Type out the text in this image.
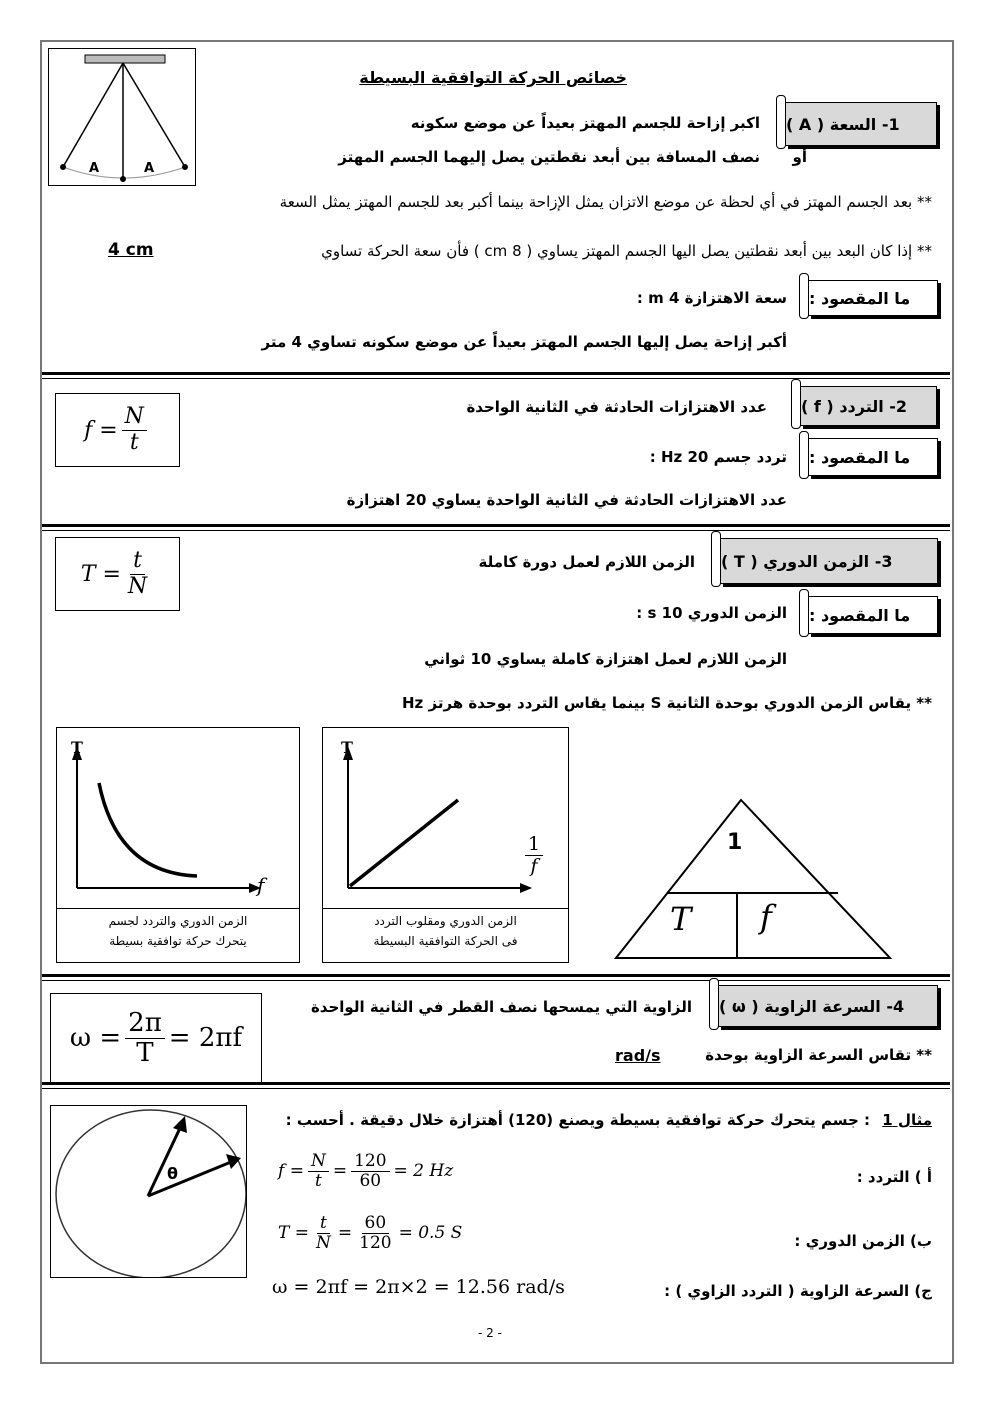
A	A
خصائص الحركة التوافقية البسيطة
1- السعة ( A )
اكبر إزاحة للجسم المهتز بعيداً عن موضع سكونه
أو
نصف المسافة بين أبعد نقطتين يصل إليهما الجسم المهتز
** بعد الجسم المهتز في أي لحظة عن موضع الاتزان يمثل الإزاحة بينما أكبر بعد للجسم المهتز يمثل السعة
** إذا كان البعد بين أبعد نقطتين يصل اليها الجسم المهتز يساوي ( 8 cm ) فأن سعة الحركة تساوي
4 cm
ما المقصود :
سعة الاهتزازة 4 m :
أكبر إزاحة يصل إليها الجسم المهتز بعيداً عن موضع سكونه تساوي 4 متر
$f = \frac{N}{t}$	2- التردد ( f )
عدد الاهتزازات الحادثة في الثانية الواحدة
ما المقصود :
تردد جسم 20 Hz :
عدد الاهتزازات الحادثة في الثانية الواحدة يساوي 20 اهتزازة
$T = \frac{t}{N}$	3- الزمن الدوري ( T )
الزمن اللازم لعمل دورة كاملة
ما المقصود :
الزمن الدوري 10 s :
الزمن اللازم لعمل اهتزازة كاملة يساوي 10 ثواني
** يقاس الزمن الدوري بوحدة الثانية S بينما يقاس التردد بوحدة هرتز Hz
T
f
الزمن الدوري والتردد لجسم
يتحرك حركة توافقية بسيطة
T
$\frac{1}{f}$
الزمن الدوري ومقلوب التردد
فى الحركة التوافقية البسيطة
1
T f
$\omega = \frac{2\pi}{T} = 2\pi f$
4- السرعة الزاوية ( ω )
الزاوية التي يمسحها نصف القطر في الثانية الواحدة
** تقاس السرعة الزاوية بوحدة
rad/s
θ
مثال 1
: جسم يتحرك حركة توافقية بسيطة ويصنع (120) أهتزازة خلال دقيقة . أحسب :
أ ) التردد :
$f = \frac{N}{t} = \frac{120}{60} = 2$ Hz
ب) الزمن الدوري :
$T = \frac{t}{N} = \frac{60}{120} = 0.5$ S
ج) السرعة الزاوية ( التردد الزاوي ) :
ω = 2πf = 2π×2 = 12.56 rad/s
- 2 -
